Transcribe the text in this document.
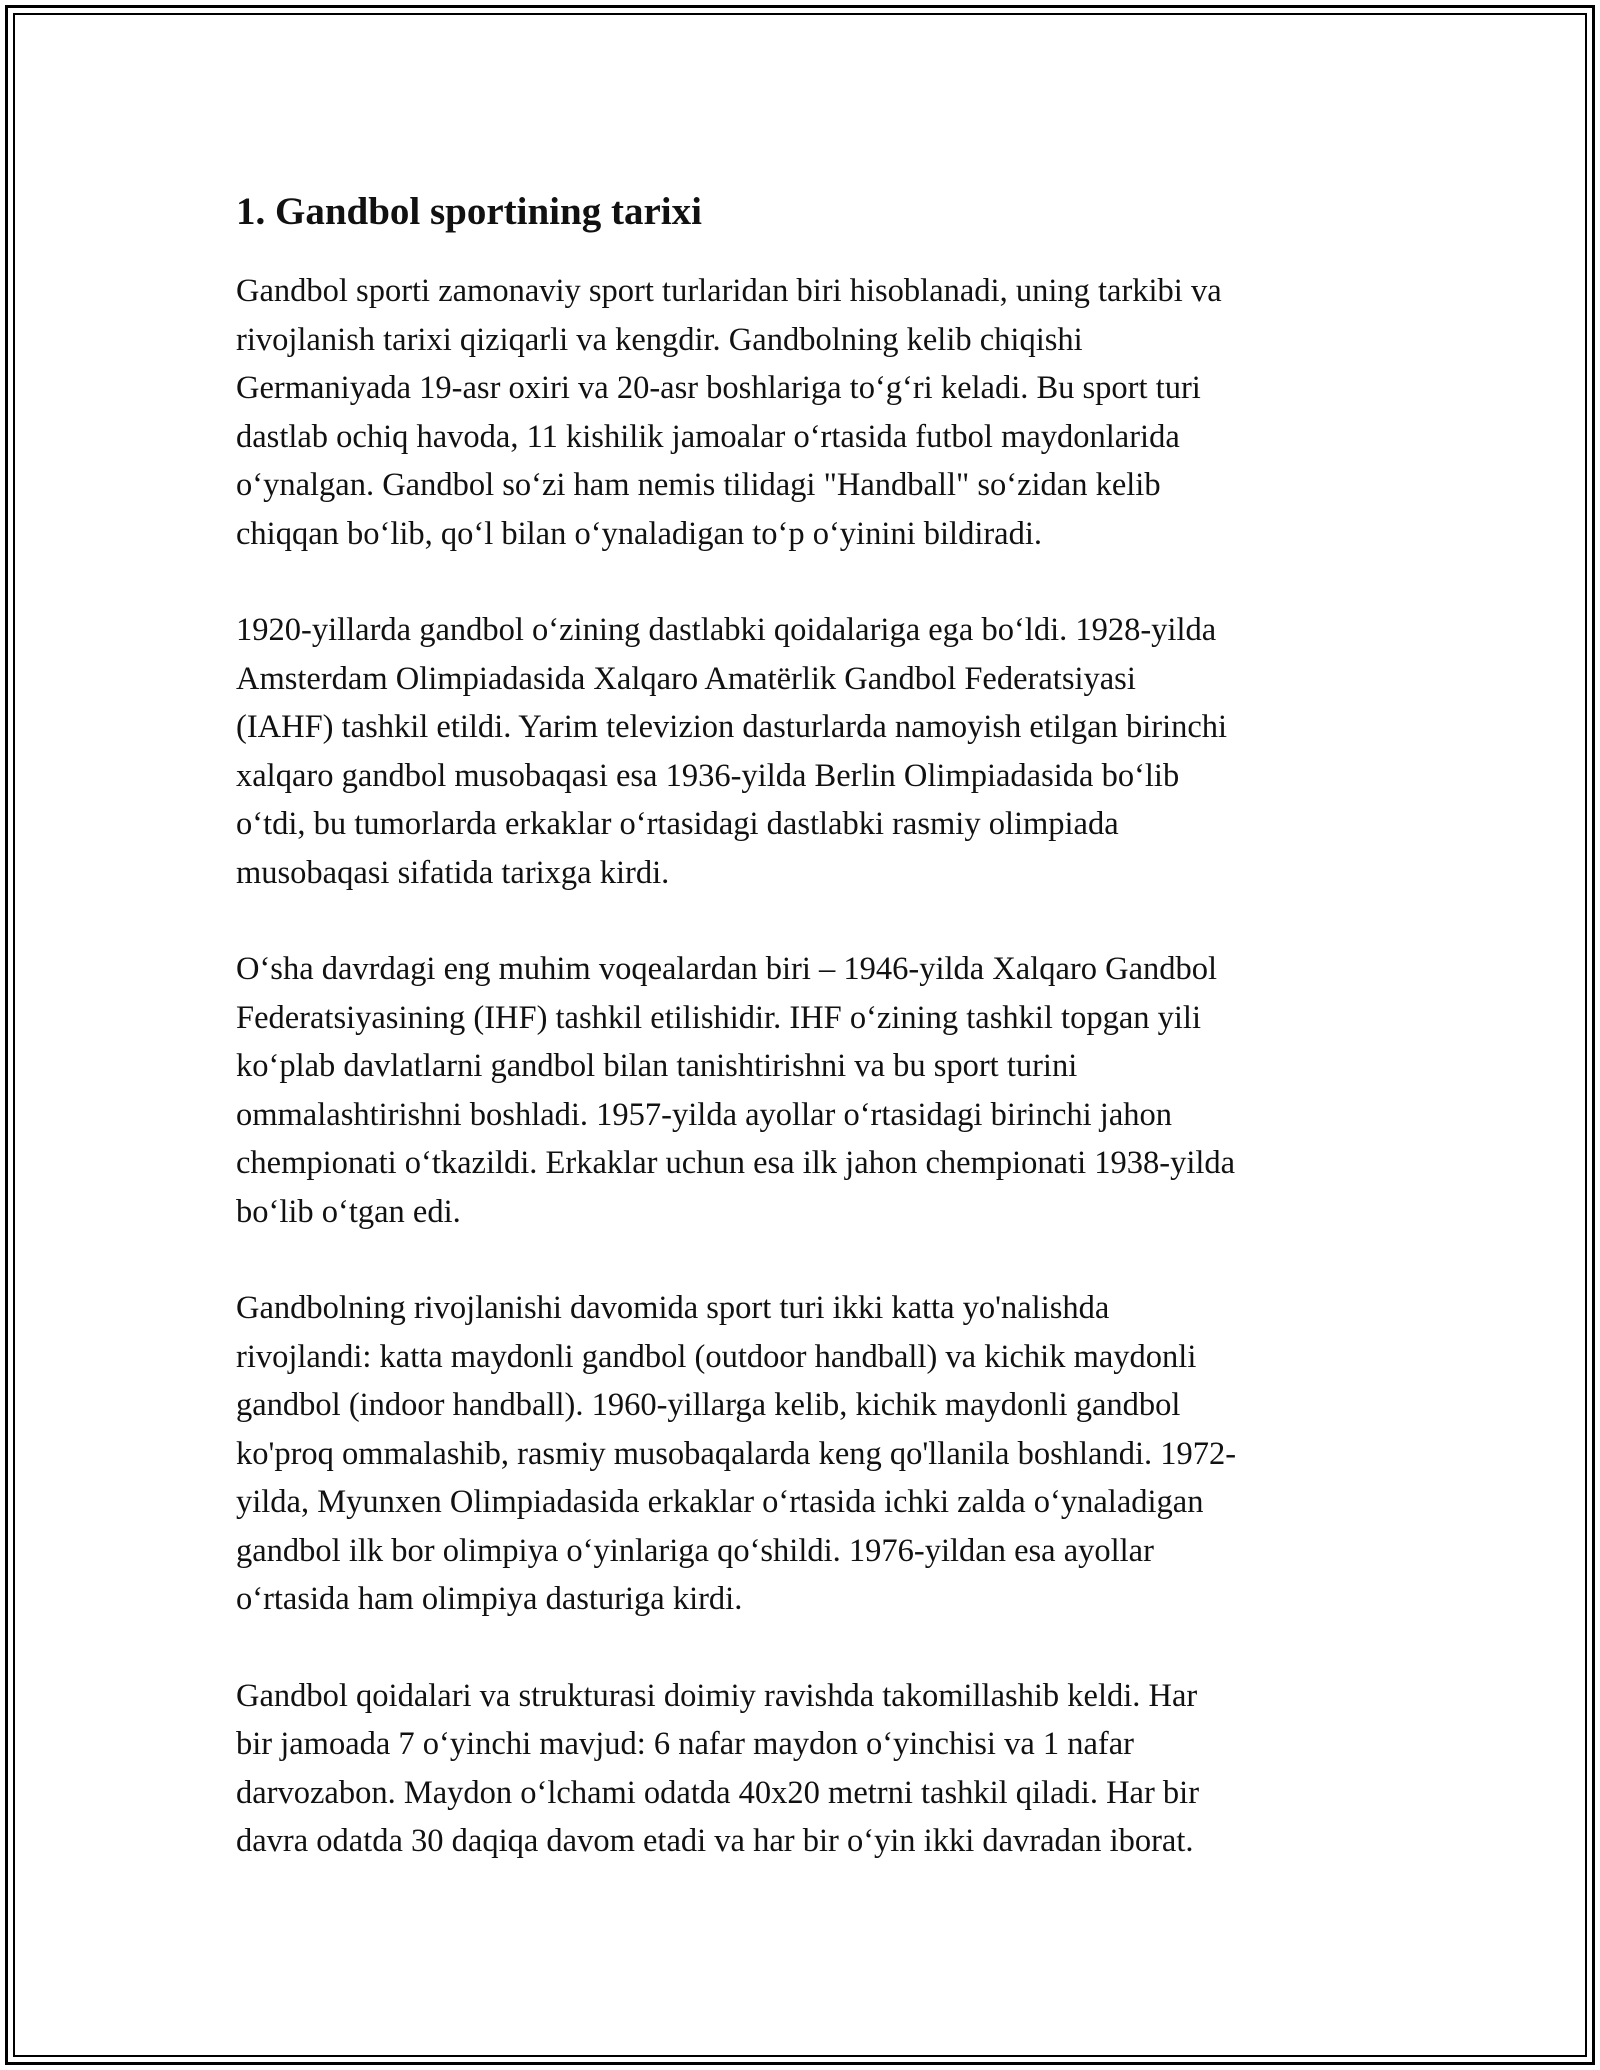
1. Gandbol sportining tarixi

Gandbol sporti zamonaviy sport turlaridan biri hisoblanadi, uning tarkibi va
rivojlanish tarixi qiziqarli va kengdir. Gandbolning kelib chiqishi
Germaniyada 19-asr oxiri va 20-asr boshlariga to‘g‘ri keladi. Bu sport turi
dastlab ochiq havoda, 11 kishilik jamoalar o‘rtasida futbol maydonlarida
o‘ynalgan. Gandbol so‘zi ham nemis tilidagi "Handball" so‘zidan kelib
chiqqan bo‘lib, qo‘l bilan o‘ynaladigan to‘p o‘yinini bildiradi.

1920-yillarda gandbol o‘zining dastlabki qoidalariga ega bo‘ldi. 1928-yilda
Amsterdam Olimpiadasida Xalqaro Amatërlik Gandbol Federatsiyasi
(IAHF) tashkil etildi. Yarim televizion dasturlarda namoyish etilgan birinchi
xalqaro gandbol musobaqasi esa 1936-yilda Berlin Olimpiadasida bo‘lib
o‘tdi, bu tumorlarda erkaklar o‘rtasidagi dastlabki rasmiy olimpiada
musobaqasi sifatida tarixga kirdi.

O‘sha davrdagi eng muhim voqealardan biri – 1946-yilda Xalqaro Gandbol
Federatsiyasining (IHF) tashkil etilishidir. IHF o‘zining tashkil topgan yili
ko‘plab davlatlarni gandbol bilan tanishtirishni va bu sport turini
ommalashtirishni boshladi. 1957-yilda ayollar o‘rtasidagi birinchi jahon
chempionati o‘tkazildi. Erkaklar uchun esa ilk jahon chempionati 1938-yilda
bo‘lib o‘tgan edi.

Gandbolning rivojlanishi davomida sport turi ikki katta yo'nalishda
rivojlandi: katta maydonli gandbol (outdoor handball) va kichik maydonli
gandbol (indoor handball). 1960-yillarga kelib, kichik maydonli gandbol
ko'proq ommalashib, rasmiy musobaqalarda keng qo'llanila boshlandi. 1972-
yilda, Myunxen Olimpiadasida erkaklar o‘rtasida ichki zalda o‘ynaladigan
gandbol ilk bor olimpiya o‘yinlariga qo‘shildi. 1976-yildan esa ayollar
o‘rtasida ham olimpiya dasturiga kirdi.

Gandbol qoidalari va strukturasi doimiy ravishda takomillashib keldi. Har
bir jamoada 7 o‘yinchi mavjud: 6 nafar maydon o‘yinchisi va 1 nafar
darvozabon. Maydon o‘lchami odatda 40x20 metrni tashkil qiladi. Har bir
davra odatda 30 daqiqa davom etadi va har bir o‘yin ikki davradan iborat.
